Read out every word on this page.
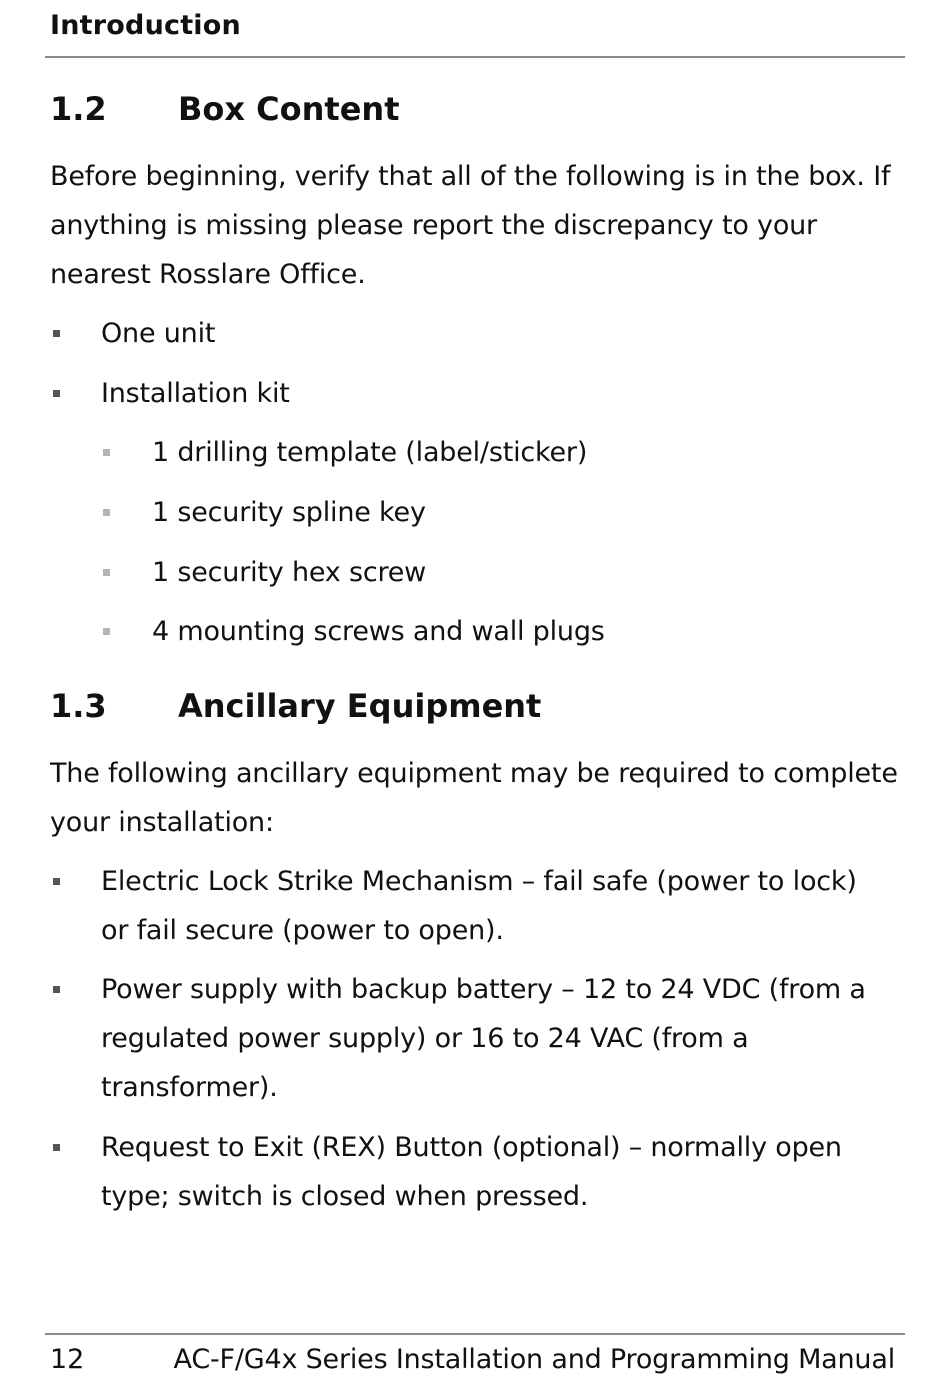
Introduction
1.2 Box Content
Before beginning, verify that all of the following is in the box. If anything is missing please report the discrepancy to your nearest Rosslare Office.
One unit
Installation kit
1 drilling template (label/sticker)
1 security spline key
1 security hex screw
4 mounting screws and wall plugs
1.3 Ancillary Equipment
The following ancillary equipment may be required to complete your installation:
Electric Lock Strike Mechanism – fail safe (power to lock) or fail secure (power to open).
Power supply with backup battery – 12 to 24 VDC (from a regulated power supply) or 16 to 24 VAC (from a transformer).
Request to Exit (REX) Button (optional) – normally open type; switch is closed when pressed.
12	AC-F/G4x Series Installation and Programming Manual
